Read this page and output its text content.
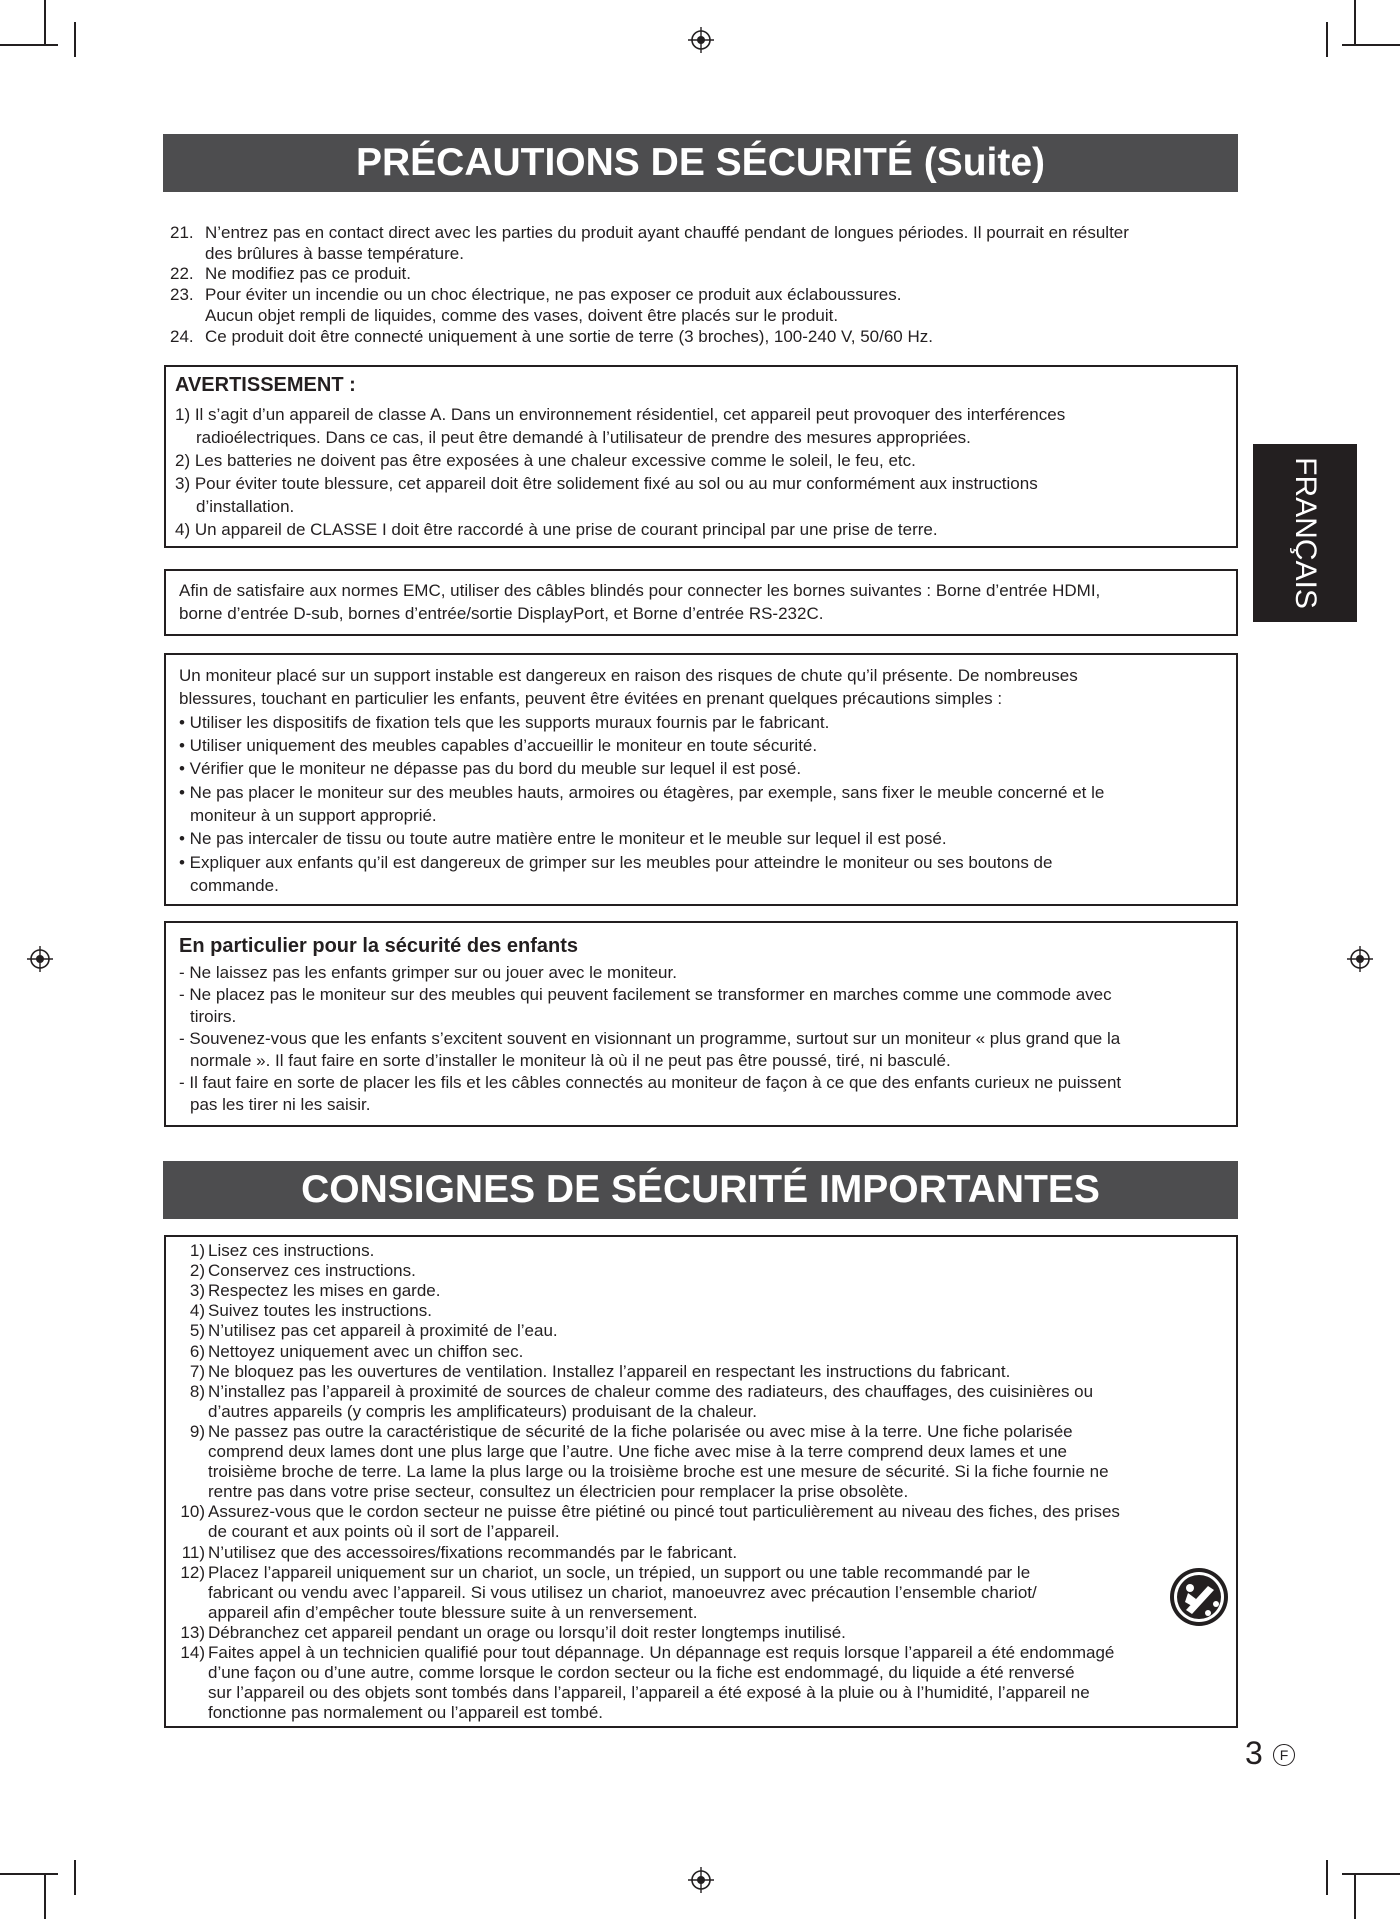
PRÉCAUTIONS DE SÉCURITÉ (Suite)
21. N’entrez pas en contact direct avec les parties du produit ayant chauffé pendant de longues périodes. Il pourrait en résulter
des brûlures à basse température.
22. Ne modifiez pas ce produit.
23. Pour éviter un incendie ou un choc électrique, ne pas exposer ce produit aux éclaboussures.
Aucun objet rempli de liquides, comme des vases, doivent être placés sur le produit.
24. Ce produit doit être connecté uniquement à une sortie de terre (3 broches), 100-240 V, 50/60 Hz.
AVERTISSEMENT :
1) Il s’agit d’un appareil de classe A. Dans un environnement résidentiel, cet appareil peut provoquer des interférences
radioélectriques. Dans ce cas, il peut être demandé à l’utilisateur de prendre des mesures appropriées.
2) Les batteries ne doivent pas être exposées à une chaleur excessive comme le soleil, le feu, etc.
3) Pour éviter toute blessure, cet appareil doit être solidement fixé au sol ou au mur conformément aux instructions
d’installation.
4) Un appareil de CLASSE I doit être raccordé à une prise de courant principal par une prise de terre.
Afin de satisfaire aux normes EMC, utiliser des câbles blindés pour connecter les bornes suivantes : Borne d’entrée HDMI,
borne d’entrée D-sub, bornes d’entrée/sortie DisplayPort, et Borne d’entrée RS-232C.
Un moniteur placé sur un support instable est dangereux en raison des risques de chute qu’il présente. De nombreuses
blessures, touchant en particulier les enfants, peuvent être évitées en prenant quelques précautions simples :
• Utiliser les dispositifs de fixation tels que les supports muraux fournis par le fabricant.
• Utiliser uniquement des meubles capables d’accueillir le moniteur en toute sécurité.
• Vérifier que le moniteur ne dépasse pas du bord du meuble sur lequel il est posé.
• Ne pas placer le moniteur sur des meubles hauts, armoires ou étagères, par exemple, sans fixer le meuble concerné et le
moniteur à un support approprié.
• Ne pas intercaler de tissu ou toute autre matière entre le moniteur et le meuble sur lequel il est posé.
• Expliquer aux enfants qu’il est dangereux de grimper sur les meubles pour atteindre le moniteur ou ses boutons de
commande.
En particulier pour la sécurité des enfants
- Ne laissez pas les enfants grimper sur ou jouer avec le moniteur.
- Ne placez pas le moniteur sur des meubles qui peuvent facilement se transformer en marches comme une commode avec
tiroirs.
- Souvenez-vous que les enfants s’excitent souvent en visionnant un programme, surtout sur un moniteur « plus grand que la
normale ». Il faut faire en sorte d’installer le moniteur là où il ne peut pas être poussé, tiré, ni basculé.
- Il faut faire en sorte de placer les fils et les câbles connectés au moniteur de façon à ce que des enfants curieux ne puissent
pas les tirer ni les saisir.
CONSIGNES DE SÉCURITÉ IMPORTANTES
1) Lisez ces instructions.
2) Conservez ces instructions.
3) Respectez les mises en garde.
4) Suivez toutes les instructions.
5) N’utilisez pas cet appareil à proximité de l’eau.
6) Nettoyez uniquement avec un chiffon sec.
7) Ne bloquez pas les ouvertures de ventilation. Installez l’appareil en respectant les instructions du fabricant.
8) N’installez pas l’appareil à proximité de sources de chaleur comme des radiateurs, des chauffages, des cuisinières ou
d’autres appareils (y compris les amplificateurs) produisant de la chaleur.
9) Ne passez pas outre la caractéristique de sécurité de la fiche polarisée ou avec mise à la terre. Une fiche polarisée
comprend deux lames dont une plus large que l’autre. Une fiche avec mise à la terre comprend deux lames et une
troisième broche de terre. La lame la plus large ou la troisième broche est une mesure de sécurité. Si la fiche fournie ne
rentre pas dans votre prise secteur, consultez un électricien pour remplacer la prise obsolète.
10) Assurez-vous que le cordon secteur ne puisse être piétiné ou pincé tout particulièrement au niveau des fiches, des prises
de courant et aux points où il sort de l’appareil.
11) N’utilisez que des accessoires/fixations recommandés par le fabricant.
12) Placez l’appareil uniquement sur un chariot, un socle, un trépied, un support ou une table recommandé par le
fabricant ou vendu avec l’appareil. Si vous utilisez un chariot, manoeuvrez avec précaution l’ensemble chariot/
appareil afin d’empêcher toute blessure suite à un renversement.
13) Débranchez cet appareil pendant un orage ou lorsqu’il doit rester longtemps inutilisé.
14) Faites appel à un technicien qualifié pour tout dépannage. Un dépannage est requis lorsque l’appareil a été endommagé
d’une façon ou d’une autre, comme lorsque le cordon secteur ou la fiche est endommagé, du liquide a été renversé
sur l’appareil ou des objets sont tombés dans l’appareil, l’appareil a été exposé à la pluie ou à l’humidité, l’appareil ne
fonctionne pas normalement ou l’appareil est tombé.
FRANÇAIS
3	F
